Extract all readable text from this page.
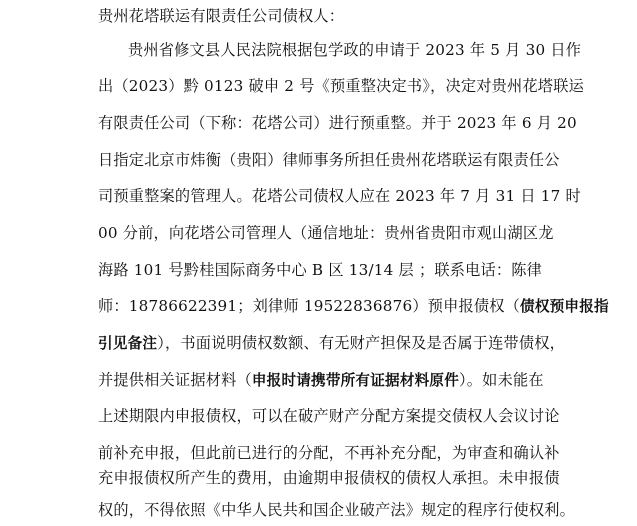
贵州花塔联运有限责任公司债权人：
贵州省修文县人民法院根据包学政的申请于 2023 年 5 月 30 日作
出（2023）黔 0123 破申 2 号《预重整决定书》，决定对贵州花塔联运
有限责任公司（下称：花塔公司）进行预重整。并于 2023 年 6 月 20
日指定北京市炜衡（贵阳）律师事务所担任贵州花塔联运有限责任公
司预重整案的管理人。花塔公司债权人应在 2023 年 7 月 31 日 17 时
00 分前，向花塔公司管理人（通信地址：贵州省贵阳市观山湖区龙
海路 101 号黔桂国际商务中心 B 区 13/14 层 ；联系电话：陈律
师：18786622391；刘律师 19522836876）预申报债权（债权预申报指
引见备注），书面说明债权数额、有无财产担保及是否属于连带债权，
并提供相关证据材料（申报时请携带所有证据材料原件）。如未能在
上述期限内申报债权，可以在破产财产分配方案提交债权人会议讨论
前补充申报，但此前已进行的分配，不再补充分配，为审查和确认补
充申报债权所产生的费用，由逾期申报债权的债权人承担。未申报债
权的，不得依照《中华人民共和国企业破产法》规定的程序行使权利。
